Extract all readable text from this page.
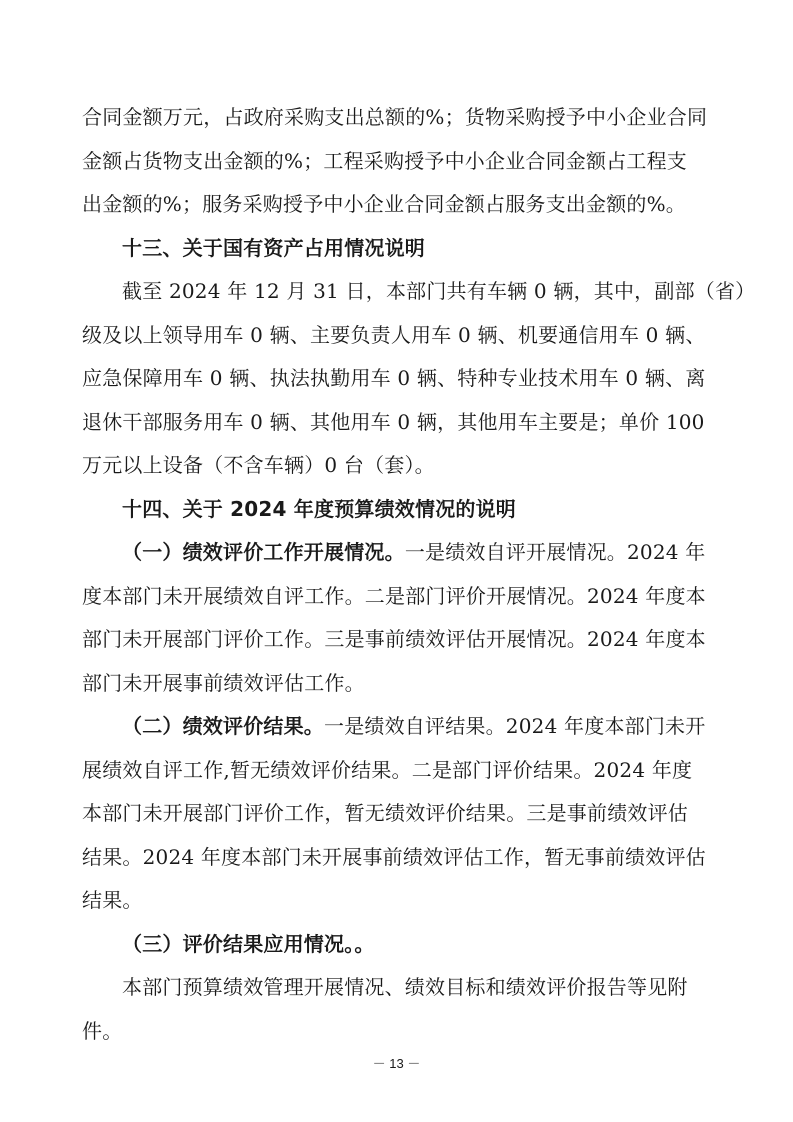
合同金额万元，占政府采购支出总额的%；货物采购授予中小企业合同
金额占货物支出金额的%；工程采购授予中小企业合同金额占工程支
出金额的%；服务采购授予中小企业合同金额占服务支出金额的%。
十三、关于国有资产占用情况说明
截至 2024 年 12 月 31 日，本部门共有车辆 0 辆，其中，副部（省）
级及以上领导用车 0 辆、主要负责人用车 0 辆、机要通信用车 0 辆、
应急保障用车 0 辆、执法执勤用车 0 辆、特种专业技术用车 0 辆、离
退休干部服务用车 0 辆、其他用车 0 辆，其他用车主要是；单价 100
万元以上设备（不含车辆）0 台（套）。
十四、关于 2024 年度预算绩效情况的说明
（一）绩效评价工作开展情况。一是绩效自评开展情况。2024 年
度本部门未开展绩效自评工作。二是部门评价开展情况。2024 年度本
部门未开展部门评价工作。三是事前绩效评估开展情况。2024 年度本
部门未开展事前绩效评估工作。
（二）绩效评价结果。一是绩效自评结果。2024 年度本部门未开
展绩效自评工作,暂无绩效评价结果。二是部门评价结果。2024 年度
本部门未开展部门评价工作，暂无绩效评价结果。三是事前绩效评估
结果。2024 年度本部门未开展事前绩效评估工作，暂无事前绩效评估
结果。
（三）评价结果应用情况。。
本部门预算绩效管理开展情况、绩效目标和绩效评价报告等见附
件。
－ 13 －
